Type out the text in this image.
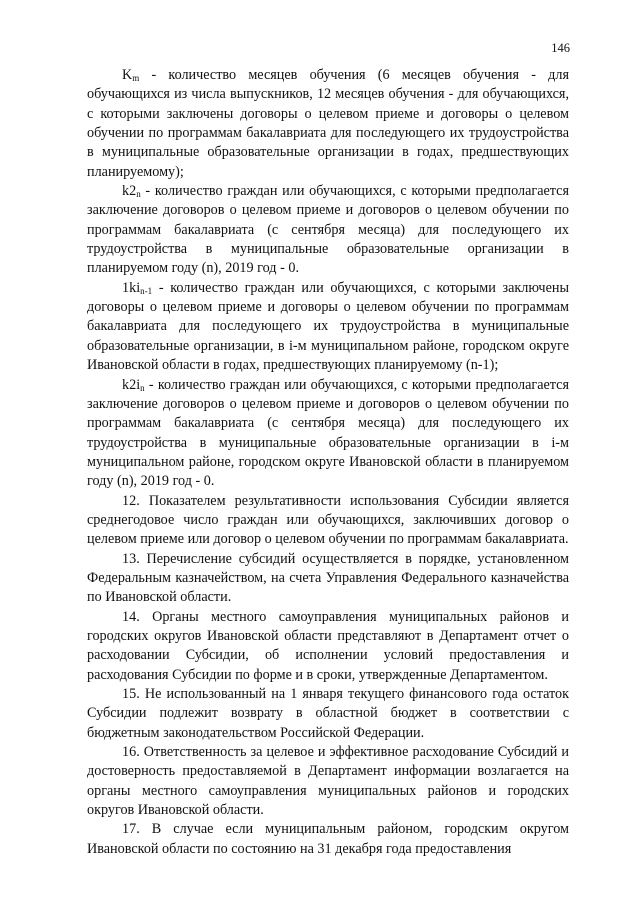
146

$K_m$ - количество месяцев обучения (6 месяцев обучения - для обучающихся из числа выпускников, 12 месяцев обучения - для обучающихся, с которыми заключены договоры о целевом приеме и договоры о целевом обучении по программам бакалавриата для последующего их трудоустройства в муниципальные образовательные организации в годах, предшествующих планируемому);

$k2_n$ - количество граждан или обучающихся, с которыми предполагается заключение договоров о целевом приеме и договоров о целевом обучении по программам бакалавриата (с сентября месяца) для последующего их трудоустройства в муниципальные образовательные организации в планируемом году (n), 2019 год - 0.

$1ki_{n-1}$ - количество граждан или обучающихся, с которыми заключены договоры о целевом приеме и договоры о целевом обучении по программам бакалавриата для последующего их трудоустройства в муниципальные образовательные организации, в i-м муниципальном районе, городском округе Ивановской области в годах, предшествующих планируемому (n-1);

$k2i_n$ - количество граждан или обучающихся, с которыми предполагается заключение договоров о целевом приеме и договоров о целевом обучении по программам бакалавриата (с сентября месяца) для последующего их трудоустройства в муниципальные образовательные организации в i-м муниципальном районе, городском округе Ивановской области в планируемом году (n), 2019 год - 0.

12. Показателем результативности использования Субсидии является среднегодовое число граждан или обучающихся, заключивших договор о целевом приеме или договор о целевом обучении по программам бакалавриата.

13. Перечисление субсидий осуществляется в порядке, установленном Федеральным казначейством, на счета Управления Федерального казначейства по Ивановской области.

14. Органы местного самоуправления муниципальных районов и городских округов Ивановской области представляют в Департамент отчет о расходовании Субсидии, об исполнении условий предоставления и расходования Субсидии по форме и в сроки, утвержденные Департаментом.

15. Не использованный на 1 января текущего финансового года остаток Субсидии подлежит возврату в областной бюджет в соответствии с бюджетным законодательством Российской Федерации.

16. Ответственность за целевое и эффективное расходование Субсидий и достоверность предоставляемой в Департамент информации возлагается на органы местного самоуправления муниципальных районов и городских округов Ивановской области.

17. В случае если муниципальным районом, городским округом Ивановской области по состоянию на 31 декабря года предоставления
